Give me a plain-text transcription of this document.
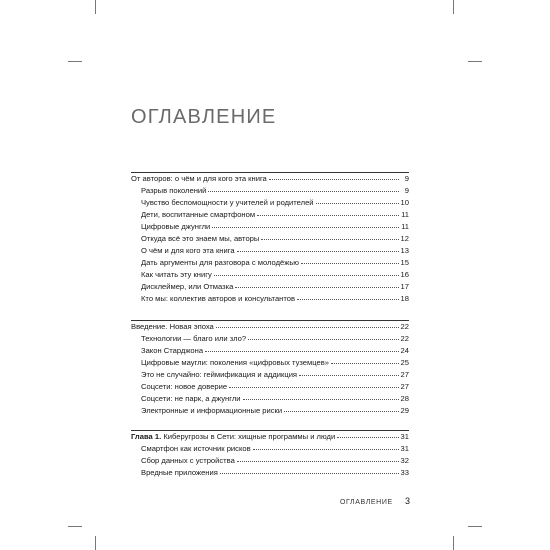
ОГЛАВЛЕНИЕ
От авторов: о чём и для кого эта книга	9
Разрыв поколений	9
Чувство беспомощности у учителей и родителей	10
Дети, воспитанные смартфоном	11
Цифровые джунгли	11
Откуда всё это знаем мы, авторы	12
О чём и для кого эта книга	13
Дать аргументы для разговора с молодёжью	15
Как читать эту книгу	16
Дисклеймер, или Отмазка	17
Кто мы: коллектив авторов и консультантов	18
Введение. Новая эпоха	22
Технологии — благо или зло?	22
Закон Старджона	24
Цифровые маугли: поколения «цифровых туземцев»	25
Это не случайно: геймификация и аддикция	27
Соцсети: новое доверие	27
Соцсети: не парк, а джунгли	28
Электронные и информационные риски	29
Глава 1. Киберугрозы в Сети: хищные программы и люди	31
Смартфон как источник рисков	31
Сбор данных с устройства	32
Вредные приложения	33
ОГЛАВЛЕНИЕ 3
